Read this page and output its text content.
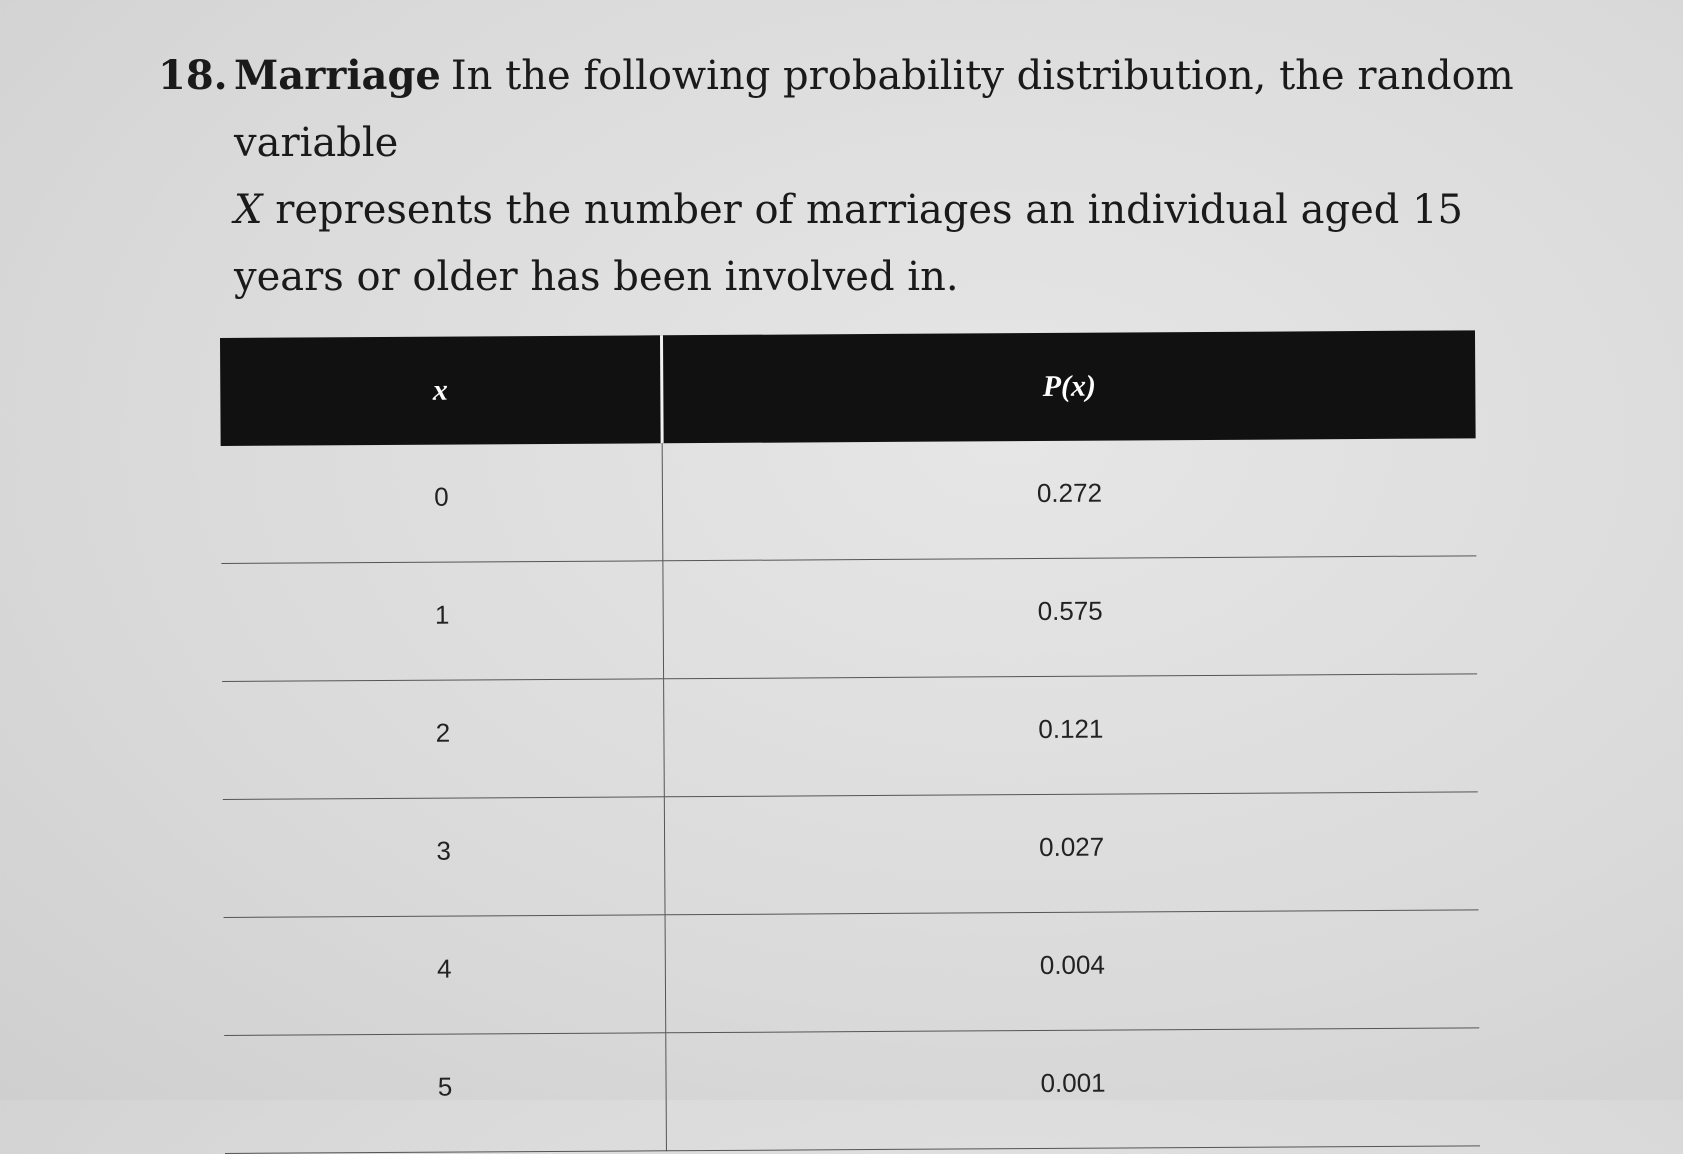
18. Marriage In the following probability distribution, the random variable
X represents the number of marriages an individual aged 15 years or older has been involved in.
x	P(x)
0	0.272
1	0.575
2	0.121
3	0.027
4	0.004
5	0.001
